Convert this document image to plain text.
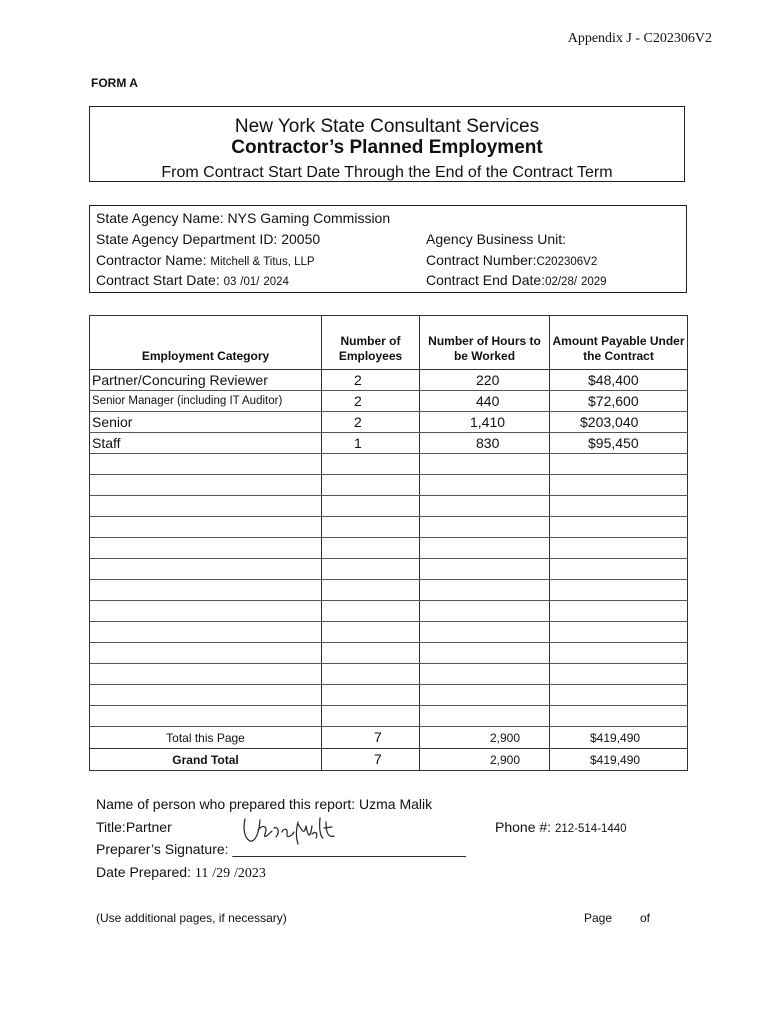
Appendix J - C202306V2
FORM A
New York State Consultant Services
Contractor’s Planned Employment
From Contract Start Date Through the End of the Contract Term
State Agency Name: NYS Gaming Commission
State Agency Department ID: 20050	Agency Business Unit:
Contractor Name: Mitchell & Titus, LLP	Contract Number:C202306V2
Contract Start Date: 03 /01/ 2024	Contract End Date:02/28/ 2029
Employment Category	Number of Employees	Number of Hours to be Worked	Amount Payable Under the Contract
Partner/Concuring Reviewer	2	220	$48,400
Senior Manager (including IT Auditor)	2	440	$72,600
Senior	2	1,410	$203,040
Staff	1	830	$95,450

Total this Page	7	2,900	$419,490
Grand Total	7	2,900	$419,490
Name of person who prepared this report: Uzma Malik
Title:Partner	Phone #: 212-514-1440
Preparer’s Signature: ______________________________
Date Prepared: 11 /29 /2023
(Use additional pages, if necessary)	Page of
